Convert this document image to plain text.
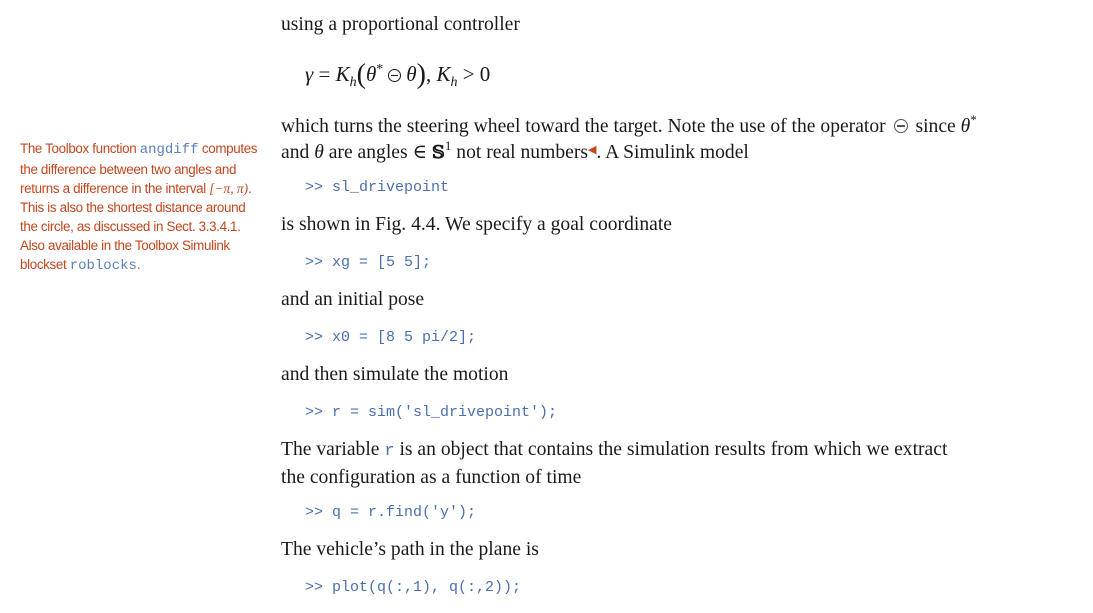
The Toolbox function angdiff computes the difference between two angles and returns a difference in the interval [−π, π). This is also the shortest distance around the circle, as discussed in Sect. 3.3.4.1. Also available in the Toolbox Simulink blockset roblocks.
using a proportional controller
$\gamma = K_h(\theta^*$ θ), $K_h > 0$
which turns the steering wheel toward the target. Note the use of the operator  since θ*
and θ are angles ∈ 𝕊$^1$ not real numbers◀. A Simulink model
>> sl_drivepoint
is shown in Fig. 4.4. We specify a goal coordinate
>> xg = [5 5];
and an initial pose
>> x0 = [8 5 pi/2];
and then simulate the motion
>> r = sim('sl_drivepoint');
The variable r is an object that contains the simulation results from which we extract
the configuration as a function of time
>> q = r.find('y');
The vehicle’s path in the plane is
>> plot(q(:,1), q(:,2));
